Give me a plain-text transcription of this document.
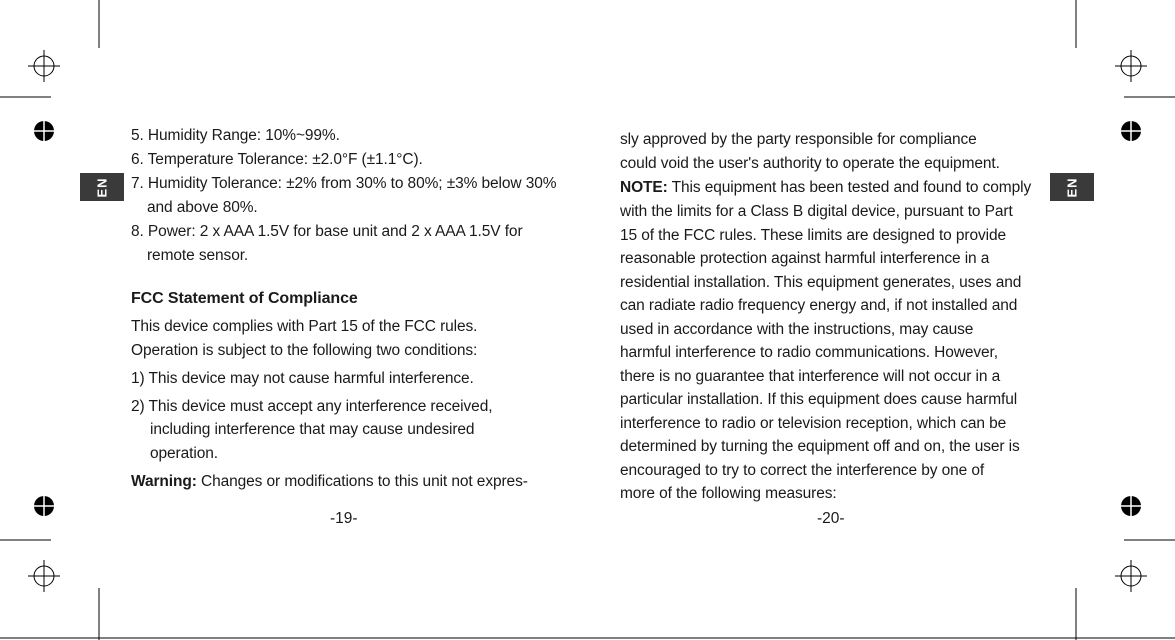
EN
5. Humidity Range: 10%~99%.
6. Temperature Tolerance: ±2.0°F (±1.1°C).
7. Humidity Tolerance: ±2% from 30% to 80%; ±3% below 30%
and above 80%.
8. Power: 2 x AAA 1.5V for base unit and 2 x AAA 1.5V for
remote sensor.
FCC Statement of Compliance
This device complies with Part 15 of the FCC rules.
Operation is subject to the following two conditions:
1) This device may not cause harmful interference.
2) This device must accept any interference received,
including interference that may cause undesired
operation.
Warning: Changes or modifications to this unit not expres-
-19-
EN
sly approved by the party responsible for compliance
could void the user's authority to operate the equipment.
NOTE: This equipment has been tested and found to comply
with the limits for a Class B digital device, pursuant to Part
15 of the FCC rules. These limits are designed to provide
reasonable protection against harmful interference in a
residential installation. This equipment generates, uses and
can radiate radio frequency energy and, if not installed and
used in accordance with the instructions, may cause
harmful interference to radio communications. However,
there is no guarantee that interference will not occur in a
particular installation. If this equipment does cause harmful
interference to radio or television reception, which can be
determined by turning the equipment off and on, the user is
encouraged to try to correct the interference by one of
more of the following measures:
-20-
